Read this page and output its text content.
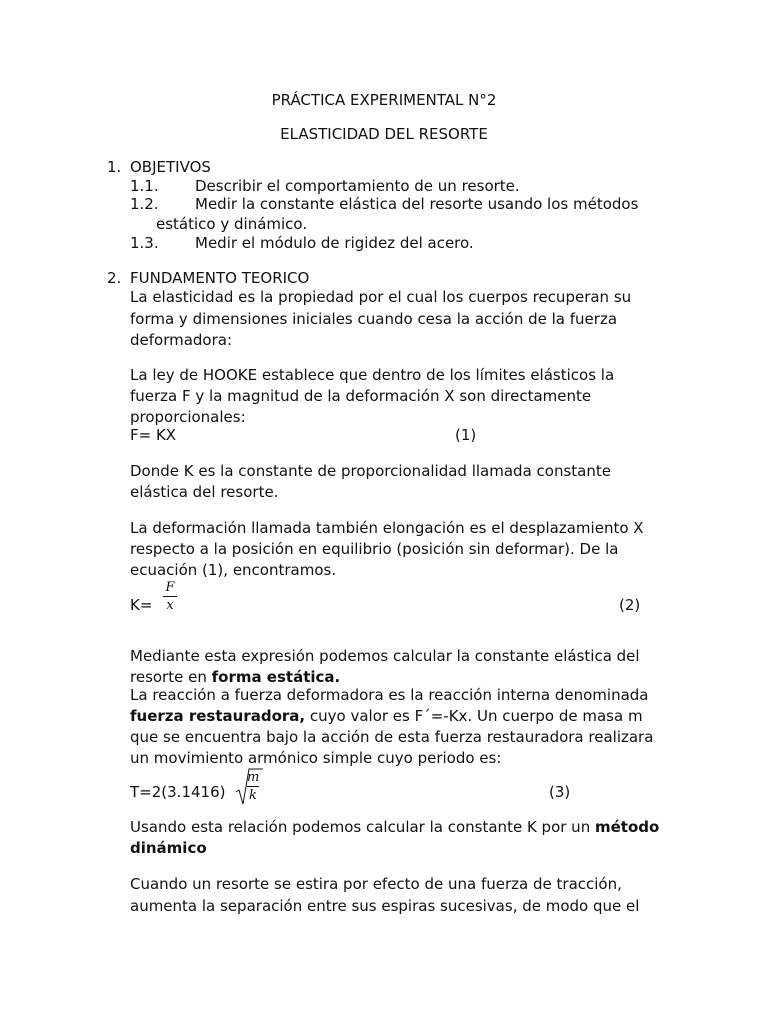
PRÁCTICA EXPERIMENTAL N°2
ELASTICIDAD DEL RESORTE
1. OBJETIVOS
1.1. Describir el comportamiento de un resorte.
1.2. Medir la constante elástica del resorte usando los métodos
estático y dinámico.
1.3. Medir el módulo de rigidez del acero.
2. FUNDAMENTO TEORICO
La elasticidad es la propiedad por el cual los cuerpos recuperan su
forma y dimensiones iniciales cuando cesa la acción de la fuerza
deformadora:
La ley de HOOKE establece que dentro de los límites elásticos la
fuerza F y la magnitud de la deformación X son directamente
proporcionales:
F= KX	(1)
Donde K es la constante de proporcionalidad llamada constante
elástica del resorte.
La deformación llamada también elongación es el desplazamiento X
respecto a la posición en equilibrio (posición sin deformar). De la
ecuación (1), encontramos.
K=
F
x	(2)
Mediante esta expresión podemos calcular la constante elástica del
resorte en forma estática.
La reacción a fuerza deformadora es la reacción interna denominada
fuerza restauradora, cuyo valor es F´=-Kx. Un cuerpo de masa m
que se encuentra bajo la acción de esta fuerza restauradora realizara
un movimiento armónico simple cuyo periodo es:
T=2(3.1416)
m
k	(3)
Usando esta relación podemos calcular la constante K por un método
dinámico
Cuando un resorte se estira por efecto de una fuerza de tracción,
aumenta la separación entre sus espiras sucesivas, de modo que el
